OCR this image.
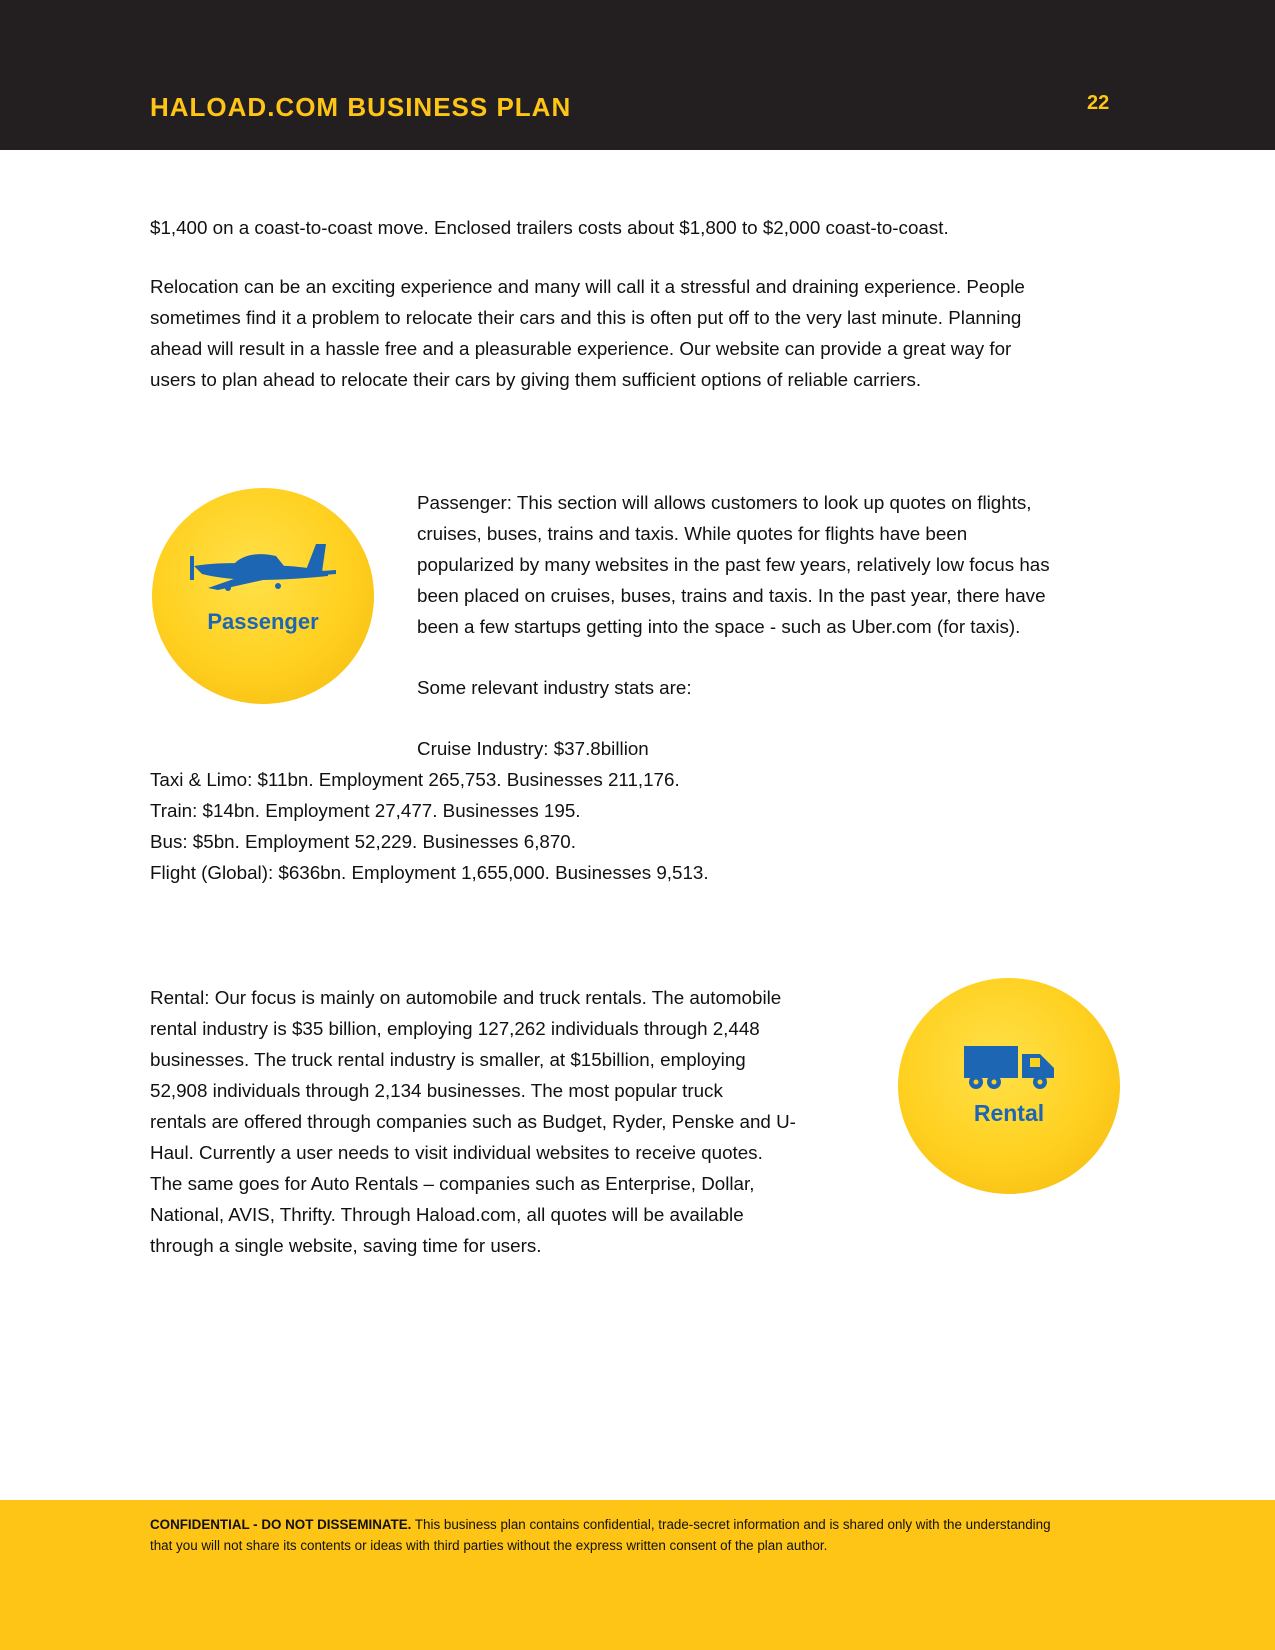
HALOAD.COM BUSINESS PLAN	22
$1,400 on a coast-to-coast move. Enclosed trailers costs about $1,800 to $2,000 coast-to-coast.
Relocation can be an exciting experience and many will call it a stressful and draining experience. People
sometimes find it a problem to relocate their cars and this is often put off to the very last minute. Planning
ahead will result in a hassle free and a pleasurable experience. Our website can provide a great way for
users to plan ahead to relocate their cars by giving them sufficient options of reliable carriers.
Passenger
Passenger: This section will allows customers to look up quotes on flights,
cruises, buses, trains and taxis. While quotes for flights have been
popularized by many websites in the past few years, relatively low focus has
been placed on cruises, buses, trains and taxis. In the past year, there have
been a few startups getting into the space - such as Uber.com (for taxis).
Some relevant industry stats are:
Cruise Industry: $37.8billion
Taxi & Limo: $11bn. Employment 265,753. Businesses 211,176.
Train: $14bn. Employment 27,477. Businesses 195.
Bus: $5bn. Employment 52,229. Businesses 6,870.
Flight (Global): $636bn. Employment 1,655,000. Businesses 9,513.
Rental: Our focus is mainly on automobile and truck rentals. The automobile
rental industry is $35 billion, employing 127,262 individuals through 2,448
businesses. The truck rental industry is smaller, at $15billion, employing
52,908 individuals through 2,134 businesses. The most popular truck
rentals are offered through companies such as Budget, Ryder, Penske and U-
Haul. Currently a user needs to visit individual websites to receive quotes.
The same goes for Auto Rentals – companies such as Enterprise, Dollar,
National, AVIS, Thrifty. Through Haload.com, all quotes will be available
through a single website, saving time for users.
Rental
CONFIDENTIAL - DO NOT DISSEMINATE. This business plan contains confidential, trade-secret information and is shared only with the understanding that you will not share its contents or ideas with third parties without the express written consent of the plan author.
